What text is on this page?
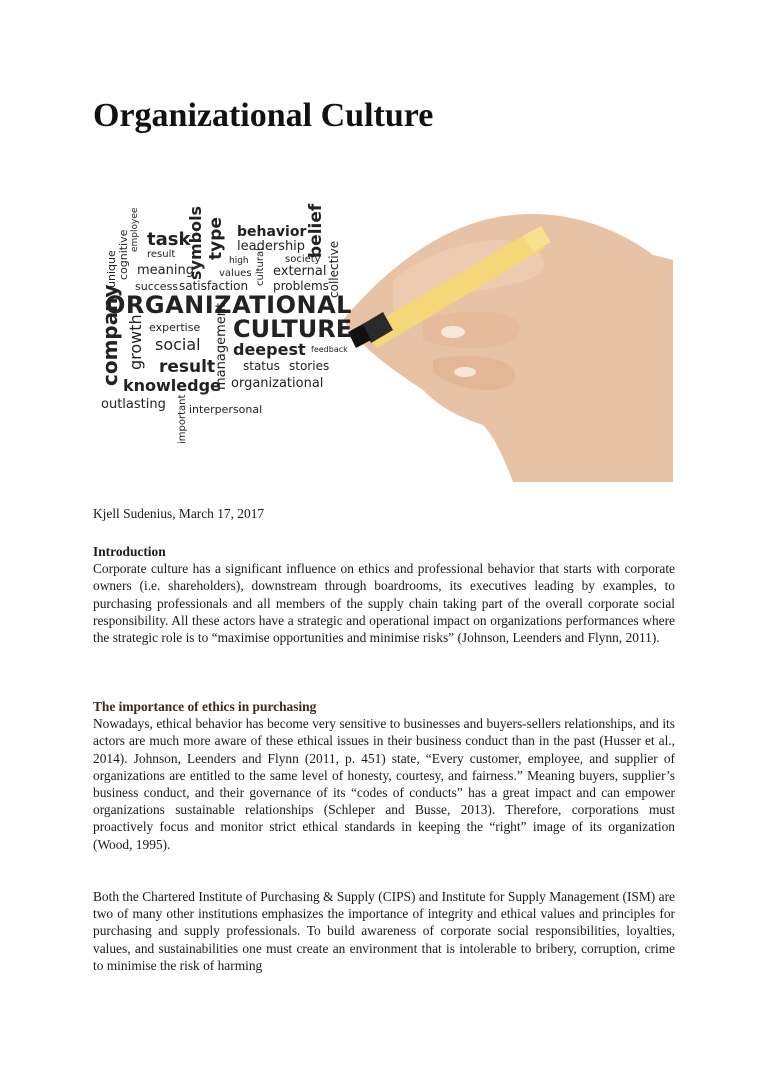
Organizational Culture
unique cognitive employee task
result
meaning
symbols type behavior
leadership belief
high
values cultural society
external collective
success satisfaction problems
ORGANIZATIONAL
CULTURE
company growth expertise
social management deepest feedback
result status stories
knowledge organizational
outlasting important interpersonal
Kjell Sudenius, March 17, 2017
Introduction

Corporate culture has a significant influence on ethics and professional behavior that starts with corporate owners (i.e. shareholders), downstream through boardrooms, its executives leading by examples, to purchasing professionals and all members of the supply chain taking part of the overall corporate social responsibility. All these actors have a strategic and operational impact on organizations performances where the strategic role is to “maximise opportunities and minimise risks” (Johnson, Leenders and Flynn, 2011).

The importance of ethics in purchasing

Nowadays, ethical behavior has become very sensitive to businesses and buyers-sellers relationships, and its actors are much more aware of these ethical issues in their business conduct than in the past (Husser et al., 2014). Johnson, Leenders and Flynn (2011, p. 451) state, “Every customer, employee, and supplier of organizations are entitled to the same level of honesty, courtesy, and fairness.” Meaning buyers, supplier’s business conduct, and their governance of its “codes of conducts” has a great impact and can empower organizations sustainable relationships (Schleper and Busse, 2013). Therefore, corporations must proactively focus and monitor strict ethical standards in keeping the “right” image of its organization (Wood, 1995).

Both the Chartered Institute of Purchasing & Supply (CIPS) and Institute for Supply Management (ISM) are two of many other institutions emphasizes the importance of integrity and ethical values and principles for purchasing and supply professionals. To build awareness of corporate social responsibilities, loyalties, values, and sustainabilities one must create an environment that is intolerable to bribery, corruption, crime to minimise the risk of harming
